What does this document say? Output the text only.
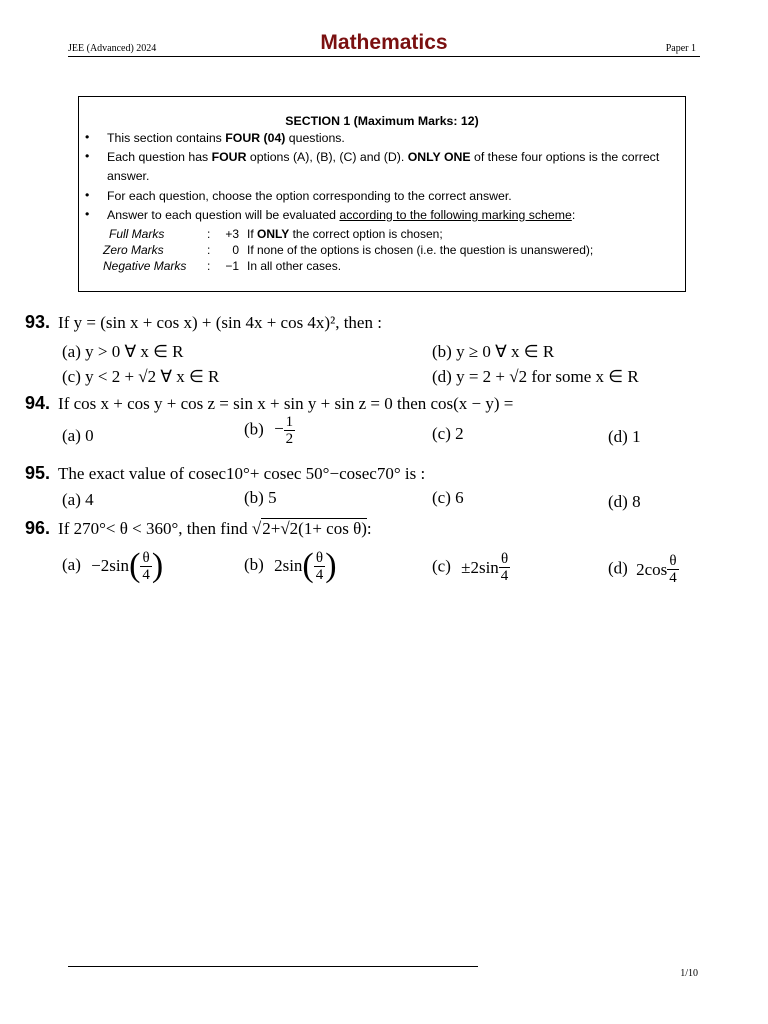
JEE (Advanced) 2024	Mathematics	Paper 1
SECTION 1 (Maximum Marks: 12)
• This section contains FOUR (04) questions.
• Each question has FOUR options (A), (B), (C) and (D). ONLY ONE of these four options is the correct answer.
• For each question, choose the option corresponding to the correct answer.
• Answer to each question will be evaluated according to the following marking scheme:
Full Marks	:	+3 If ONLY the correct option is chosen;
Zero Marks	:	0 If none of the options is chosen (i.e. the question is unanswered);
Negative Marks	:	−1 In all other cases.
93. If y = (sin x + cos x) + (sin 4x + cos 4x)², then :
(a) y > 0 ∀ x ∈ R	(b) y ≥ 0 ∀ x ∈ R
(c) y < 2 + √2 ∀ x ∈ R	(d) y = 2 + √2 for some x ∈ R
94. If cos x + cos y + cos z = sin x + sin y + sin z = 0 then cos(x − y) =
(a) 0	$(b) - \frac{1}{2}$	(c) 2	(d) 1
95. The exact value of cosec10°+ cosec 50°−cosec70° is :
(a) 4	(b) 5	(c) 6	(d) 8
96. If 270°< θ < 360°, then find √2+√2(1+ cos θ):
$(a) -2\sin( \frac{\theta}{4}$ )	(b) $2\sin( \frac{\theta}{4}$ )	$(c) \pm 2\sin \frac{\theta}{4}$	(d) $2\cos \frac{\theta}{4}$
1/10
